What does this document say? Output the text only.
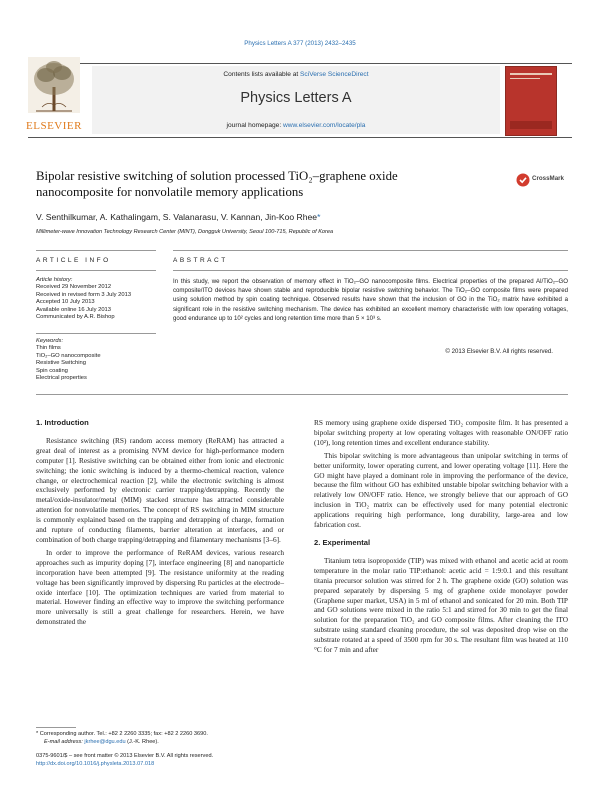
Physics Letters A 377 (2013) 2432–2435
ELSEVIER
Contents lists available at SciVerse ScienceDirect
Physics Letters A
journal homepage: www.elsevier.com/locate/pla
Bipolar resistive switching of solution processed TiO₂–graphene oxide
nanocomposite for nonvolatile memory applications
CrossMark
V. Senthilkumar, A. Kathalingam, S. Valanarasu, V. Kannan, Jin-Koo Rhee*
Millimeter-wave Innovation Technology Research Center (MINT), Dongguk University, Seoul 100-715, Republic of Korea
ARTICLE INFO	ABSTRACT
Article history:
Received 29 November 2012
Received in revised form 3 July 2013
Accepted 10 July 2013
Available online 16 July 2013
Communicated by A.R. Bishop
Keywords:
Thin films
TiO₂–GO nanocomposite
Resistive Switching
Spin coating
Electrical properties
In this study, we report the observation of memory effect in TiO₂–GO nanocomposite films. Electrical properties of the prepared Al/TiO₂–GO composite/ITO devices have shown stable and reproducible bipolar resistive switching behavior. The TiO₂–GO composite films were prepared using solution method by spin coating technique. Observed results have shown that the inclusion of GO in the TiO₂ matrix have exhibited a significant role in the resistive switching mechanism. The device has exhibited an excellent memory characteristic with low operating voltages, good endurance up to 10² cycles and long retention time more than 5 × 10³ s.
© 2013 Elsevier B.V. All rights reserved.
1. Introduction

Resistance switching (RS) random access memory (ReRAM) has attracted a great deal of interest as a promising NVM device for high-performance modern computer [1]. Resistive switching can be obtained either from ionic and electronic switching; the ionic switching is induced by a thermo-chemical reaction, valence change, or electrochemical reaction [2], while the electronic switching is almost exclusively performed by electronic carrier trapping/detrapping. Recently the metal/oxide-insulator/metal (MIM) stacked structure has attracted considerable attention for nonvolatile memories. The concept of RS switching in MIM structure is commonly explained based on the trapping and detrapping of charge, formation and rupture of conducting filaments, barrier alteration at interfaces, and or combination of both charge trapping/detrapping and filamentary mechanisms [3–6].

In order to improve the performance of ReRAM devices, various research approaches such as impurity doping [7], interface engineering [8] and nanoparticle incorporation have been attempted [9]. The resistance uniformity at the reading voltage has been significantly improved by dispersing Ru particles at the electrode–oxide interface [10]. The optimization techniques are varied from material to material. However finding an effective way to improve the switching performance more universally is still a great challenge for researchers. Herein, we have demonstrated the

RS memory using graphene oxide dispersed TiO₂ composite film. It has presented a bipolar switching property at low operating voltages with reasonable ON/OFF ratio (10²), long retention times and excellent endurance stability.

This bipolar switching is more advantageous than unipolar switching in terms of better uniformity, lower operating current, and lower operating voltage [11]. Here the GO might have played a dominant role in improving the performance of the device, because the film without GO has exhibited unstable bipolar switching behavior with a relatively low ON/OFF ratio. Hence, we strongly believe that our approach of GO inclusion in TiO₂ matrix can be effectively used for many potential electronic applications requiring high performance, long durability, large-area and low fabrication cost.

2. Experimental

Titanium tetra isopropoxide (TIP) was mixed with ethanol and acetic acid at room temperature in the molar ratio TIP:ethanol: acetic acid = 1:9:0.1 and this resultant titania precursor solution was stirred for 2 h. The graphene oxide (GO) solution was prepared separately by dispersing 5 mg of graphene oxide monolayer powder (Graphene super market, USA) in 5 ml of ethanol and sonicated for 20 min. Both TIP and GO solutions were mixed in the ratio 5:1 and stirred for 30 min to get the final solution for the preparation TiO₂ and GO composite films. After cleaning the ITO substrate using standard cleaning procedure, the sol was deposited drop wise on the substrate rotated at a speed of 3500 rpm for 30 s. The resultant film was heated at 110 °C for 7 min and after

* Corresponding author. Tel.: +82 2 2260 3335; fax: +82 2 2260 3690.
E-mail address: jkrhee@dgu.edu (J.-K. Rhee).
0375-9601/$ – see front matter © 2013 Elsevier B.V. All rights reserved.
http://dx.doi.org/10.1016/j.physleta.2013.07.018
